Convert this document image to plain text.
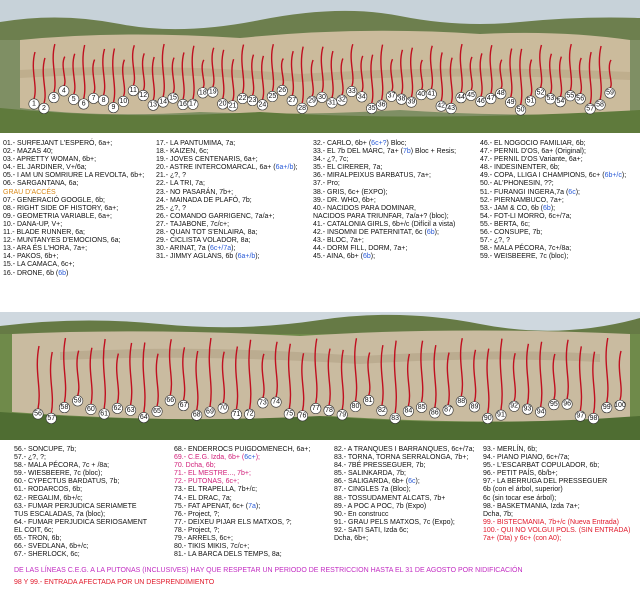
1
2
3
4
5
6
7 8
9
10
11
12
13 14
15
16 17
18 19
20 21
22 23
24
25
26
27
28
29
30
31 32
33
34
35 36
37 38 39
40 41
42 43
44 45
46 47
48
49
50
51
52
53 54
55 56
57
58
59
01.- SURFEJANT L'ESPERÓ, 6a+;
02.- MAZAS 40;
03.- APRETTY WOMAN, 6b+;
04.- EL JARDINER, V+/6a;
05.- I AM UN SOMRIURE LA REVOLTA, 6b+;
06.- SARGANTANA, 6a;
GRAU D'ACCÉS
07.- GENERACIÓ GOOGLE, 6b;
08.- RIGHT SIDE OF HISTORY, 6a+;
09.- GEOMETRIA VARIABLE, 6a+;
10.- DANA-UP, V+;
11.- BLADE RUNNER, 6a;
12.- MUNTANYES D'EMOCIONS, 6a;
13.- ARA ÉS L'HORA, 7a+;
14.- PAKOS, 6b+;
15.- LA CAMACA, 6c+;
16.- DRONE, 6b (6b)
17.- LA PANTUMIMA, 7a;
18.- KAIZEN, 6c;
19.- JOVES CENTENARIS, 6a+;
20.- ASTRE INTERCOMARCAL, 6a+ (6a+/b);
21.- ¿?, ?
22.- LA TRI, 7a;
23.- NO PASARÁN, 7b+;
24.- MAINADA DE PLAFÓ, 7b;
25.- ¿?, ?
26.- COMANDO GARRIGENC, 7a/a+;
27.- TAJABONE, 7c/c+;
28.- QUAN TOT S'ENLAIRA, 8a;
29.- CICLISTA VOLADOR, 8a;
30.- ARINAT, 7a (6c+/7a);
31.- JIMMY AGLANS, 6b (6a+/b);
32.- CARLO, 6b+ (6c+?) Bloc;
33.- EL 7b DEL MARC, 7a+ (7b) Bloc + Resis;
34.- ¿?, 7c;
35.- EL CIRERER, 7a;
36.- MIRALPEIXUS BARBATUS, 7a+;
37.- Pro;
38.- GRIS, 6c+ (EXPO);
39.- DR. WHO, 6b+;
40.- NACIDOS PARA DOMINAR,
NACIDOS PARA TRIUNFAR, 7a/a+? (bloc);
41.- CATALONIA GIRLS, 6b+/c (Difícil a vista)
42.- INSOMNI DE PATERNITAT, 6c (6b);
43.- BLOC, 7a+;
44.- DORM FILL, DORM, 7a+;
45.- AINA, 6b+ (6b);
46.- EL NOGOCIO FAMILIAR, 6b;
47.- PERNIL D'OS, 6a+ (Original);
47.- PERNIL D'OS Variante, 6a+;
48.- INDESINENTER, 6b;
49.- COPA, LLIGA I CHAMPIONS, 6c+ (6b+/c);
50.- AL'PHONESIN, ??;
51.- FURANGI INGERA,7a (6c);
52.- PIERNAMBUCO, 7a+;
53.- JAM & CO, 6b (6b);
54.- FOT-LI MORRO, 6c+/7a;
55.- BERTA, 6c;
56.- CONSUPE, 7b;
57.- ¿?, ?
58.- MALA PÉCORA, 7c+/8a;
59.- WEISBEERE, 7c (bloc);
56
57
58
59
60
61
62 63
64
65
66
67
68 69
70
71 72
73 74
75 76
77 78
79
80
81
82
83
84
85
86 87
88
89
90 91
92 93 94
95 96
97 98
99 100
56.- SONCUPE, 7b;
57.- ¿?, ?;
58.- MALA PÉCORA, 7c + /8a;
59.- WIESBEERE, 7c (bloc);
60.- CYPECTUS BARDATUS, 7b;
61.- RODARCOS, 6b;
62.- REGALIM, 6b+/c;
63.- FUMAR PERJUDICA SERIAMETE
TUS ESCALADAS, 7a (bloc);
64.- FUMAR PERJUDICA SERIOSAMENT
EL COIT, 6c;
65.- TRON, 6b;
66.- SVEDLANA, 6b+/c;
67.- SHERLOCK, 6c;
68.- ENDERROCS PUIGDOMENECH, 6a+;
69.- C.E.G. Izda, 6b+ (6c+);
70. Dcha, 6b;
71.- EL MESTRE..., 7b+;
72.- PUTONAS, 6c+;
73.- EL TRAPELLA, 7b+/c;
74.- EL DRAC, 7a;
75.- FAT APENAT, 6c+ (7a);
76.- Project, ?;
77.- DEIXEU PIJAR ELS MATXOS, ?;
78.- Project, ?;
79.- ARRELS, 6c+;
80.- TIKIS MIKIS, 7c/c+;
81.- LA BARCA DELS TEMPS, 8a;
82.- A TRANQUES I BARRANQUES, 6c+/7a;
83.- TORNA, TORNA SERRALONGA, 7b+;
84.- 7BÉ PRESSEGUER, 7b;
85.- SALINKARDA, 7b;
86.- SALIGARDA, 6b+ (6c);
87.- CINGLES 7a (Bloc);
88.- TOSSUDAMENT ALCATS, 7b+
89.- A POC A POC, 7b (Expo)
90.- En construcc
91.- GRAU PELS MATXOS, 7c (Expo);
92.- SATI SATI, Izda 6c;
Dcha, 6b+;
93.- MERLÍN, 6b;
94.- PIANO PIANO, 6c+/7a;
95.- L'ESCARBAT COPULADOR, 6b;
96.- PETIT PAÍS, 6b/b+;
97.- LA BERRUGA DEL PRESSEGUER
6b (con el árbol, superior)
6c (sin tocar ese árbol);
98.- BASKETMANIA, Izda 7a+;
Dcha, 7b;
99.- BISTECMANIA, 7b+/c (Nueva Entrada)
100.- QUI NO VOLGUI POLS. (SIN ENTRADA)
7a+ (Dta) y 6c+ (con A0);
DE LAS LÍNEAS C.E.G. A LA PUTONAS (INCLUSIVES) HAY QUE RESPETAR UN PERIODO DE RESTRICCION HASTA EL 31 DE AGOSTO POR NIDIFICACIÓN
98 Y 99.- ENTRADA AFECTADA POR UN DESPRENDIMIENTO
